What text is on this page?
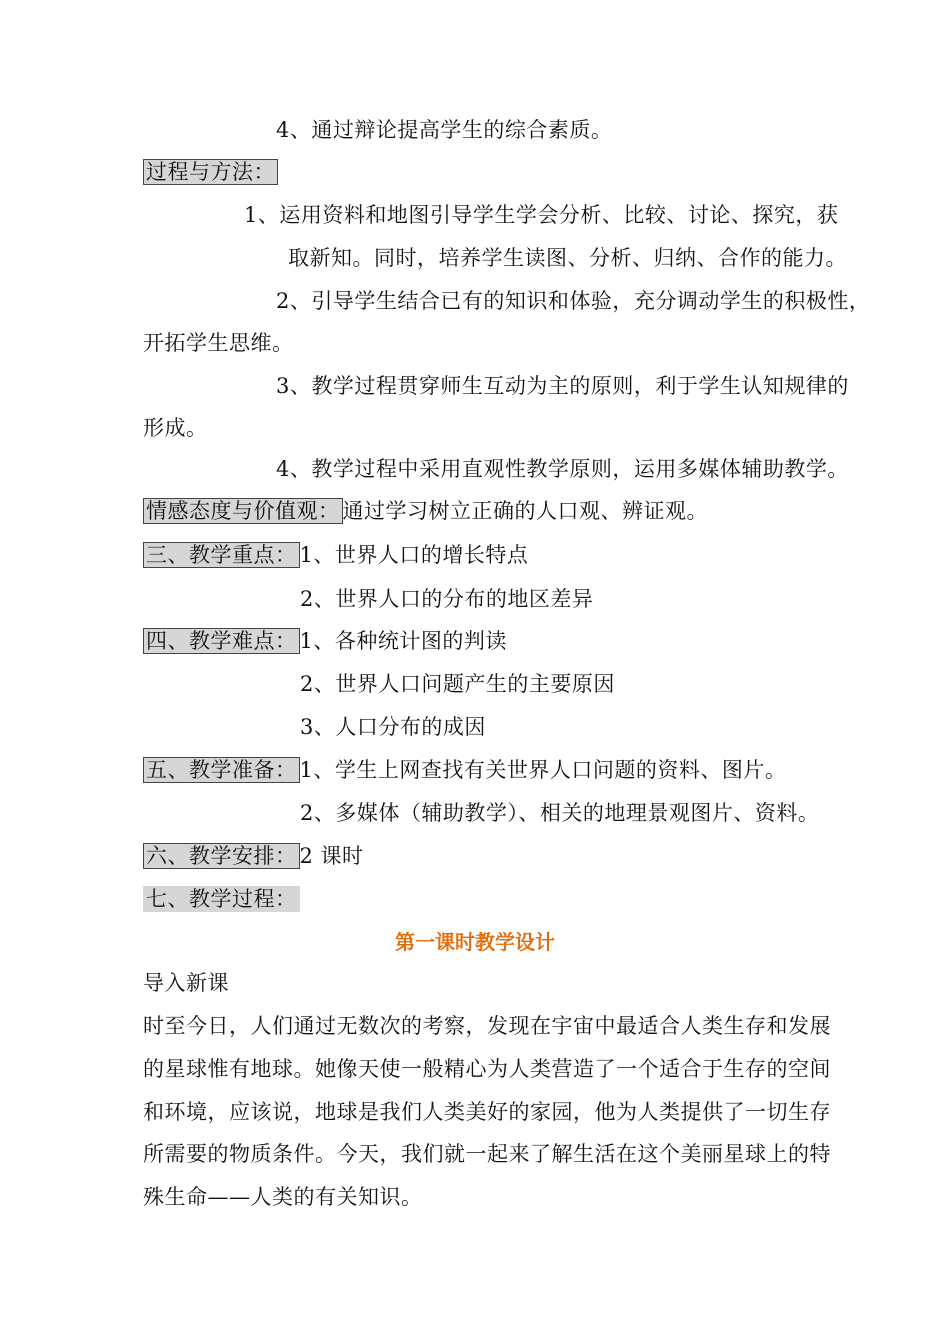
4、通过辩论提高学生的综合素质。
过程与方法：
1、运用资料和地图引导学生学会分析、比较、讨论、探究，获
取新知。同时，培养学生读图、分析、归纳、合作的能力。
2、引导学生结合已有的知识和体验，充分调动学生的积极性，
开拓学生思维。
3、教学过程贯穿师生互动为主的原则，利于学生认知规律的
形成。
4、教学过程中采用直观性教学原则，运用多媒体辅助教学。
情感态度与价值观： 通过学习树立正确的人口观、辨证观。
三、教学重点： 1、世界人口的增长特点
2、世界人口的分布的地区差异
四、教学难点： 1、各种统计图的判读
2、世界人口问题产生的主要原因
3、人口分布的成因
五、教学准备： 1、学生上网查找有关世界人口问题的资料、图片。
2、多媒体（辅助教学）、相关的地理景观图片、资料。
六、教学安排： 2 课时
七、教学过程：
第一课时教学设计
导入新课
时至今日，人们通过无数次的考察，发现在宇宙中最适合人类生存和发展
的星球惟有地球。她像天使一般精心为人类营造了一个适合于生存的空间
和环境，应该说，地球是我们人类美好的家园，他为人类提供了一切生存
所需要的物质条件。今天，我们就一起来了解生活在这个美丽星球上的特
殊生命——人类的有关知识。
